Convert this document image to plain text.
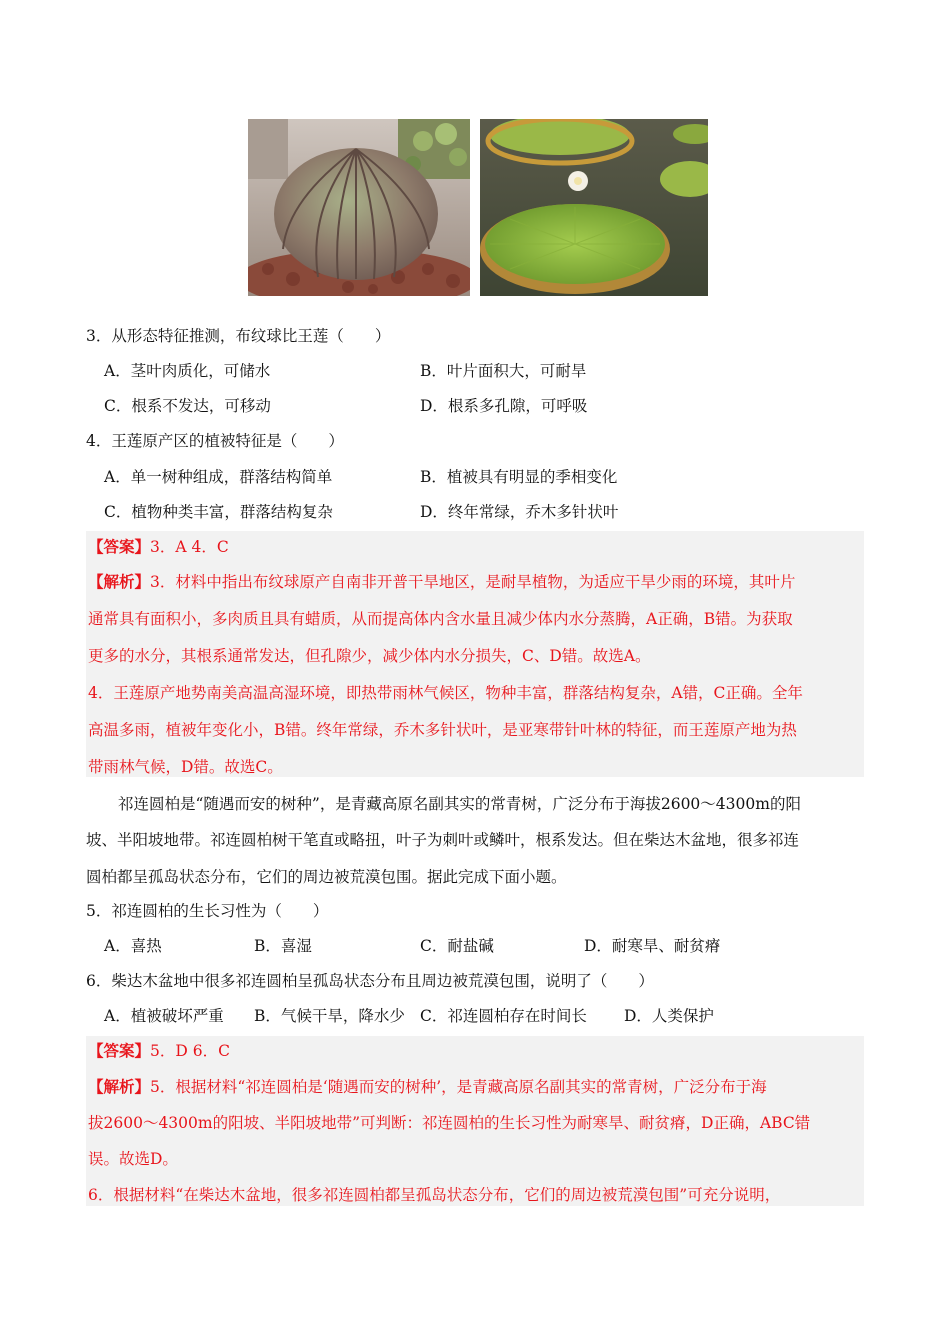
3．从形态特征推测，布纹球比王莲（　　）
A．茎叶肉质化，可储水	B．叶片面积大，可耐旱
C．根系不发达，可移动	D．根系多孔隙，可呼吸
4．王莲原产区的植被特征是（　　）
A．单一树种组成，群落结构简单	B．植被具有明显的季相变化
C．植物种类丰富，群落结构复杂	D．终年常绿，乔木多针状叶
【答案】3．A 4．C
【解析】3．材料中指出布纹球原产自南非开普干旱地区，是耐旱植物，为适应干旱少雨的环境，其叶片
通常具有面积小，多肉质且具有蜡质，从而提高体内含水量且减少体内水分蒸腾，A正确，B错。为获取
更多的水分，其根系通常发达，但孔隙少，减少体内水分损失，C、D错。故选A。
4．王莲原产地势南美高温高湿环境，即热带雨林气候区，物种丰富，群落结构复杂，A错，C正确。全年
高温多雨，植被年变化小，B错。终年常绿，乔木多针状叶，是亚寒带针叶林的特征，而王莲原产地为热
带雨林气候，D错。故选C。
祁连圆柏是“随遇而安的树种”，是青藏高原名副其实的常青树，广泛分布于海拔2600～4300m的阳
坡、半阳坡地带。祁连圆柏树干笔直或略扭，叶子为刺叶或鳞叶，根系发达。但在柴达木盆地，很多祁连
圆柏都呈孤岛状态分布，它们的周边被荒漠包围。据此完成下面小题。
5．祁连圆柏的生长习性为（　　）
A．喜热	B．喜湿	C．耐盐碱	D．耐寒旱、耐贫瘠
6．柴达木盆地中很多祁连圆柏呈孤岛状态分布且周边被荒漠包围，说明了（　　）
A．植被破坏严重 B．气候干旱，降水少 C．祁连圆柏存在时间长 D．人类保护
【答案】5．D 6．C
【解析】5．根据材料“祁连圆柏是‘随遇而安的树种’，是青藏高原名副其实的常青树，广泛分布于海
拔2600～4300m的阳坡、半阳坡地带”可判断：祁连圆柏的生长习性为耐寒旱、耐贫瘠，D正确，ABC错
误。故选D。
6．根据材料“在柴达木盆地，很多祁连圆柏都呈孤岛状态分布，它们的周边被荒漠包围”可充分说明，
